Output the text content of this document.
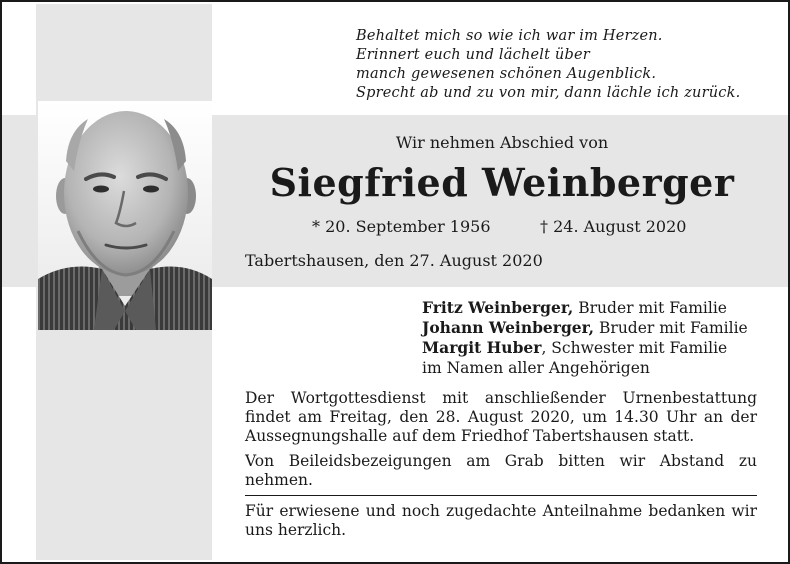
Behaltet mich so wie ich war im Herzen.
Erinnert euch und lächelt über
manch gewesenen schönen Augenblick.
Sprecht ab und zu von mir, dann lächle ich zurück.
Wir nehmen Abschied von
Siegfried Weinberger
* 20. September 1956	† 24. August 2020
Tabertshausen, den 27. August 2020
Fritz Weinberger, Bruder mit Familie
Johann Weinberger, Bruder mit Familie
Margit Huber, Schwester mit Familie
im Namen aller Angehörigen

Der Wortgottesdienst mit anschließender Urnenbestattung findet am Freitag, den 28. August 2020, um 14.30 Uhr an der Aussegnungshalle auf dem Friedhof Tabertshausen statt.

Von Beileidsbezeigungen am Grab bitten wir Abstand zu nehmen.

Für erwiesene und noch zugedachte Anteilnahme bedanken wir uns herzlich.
